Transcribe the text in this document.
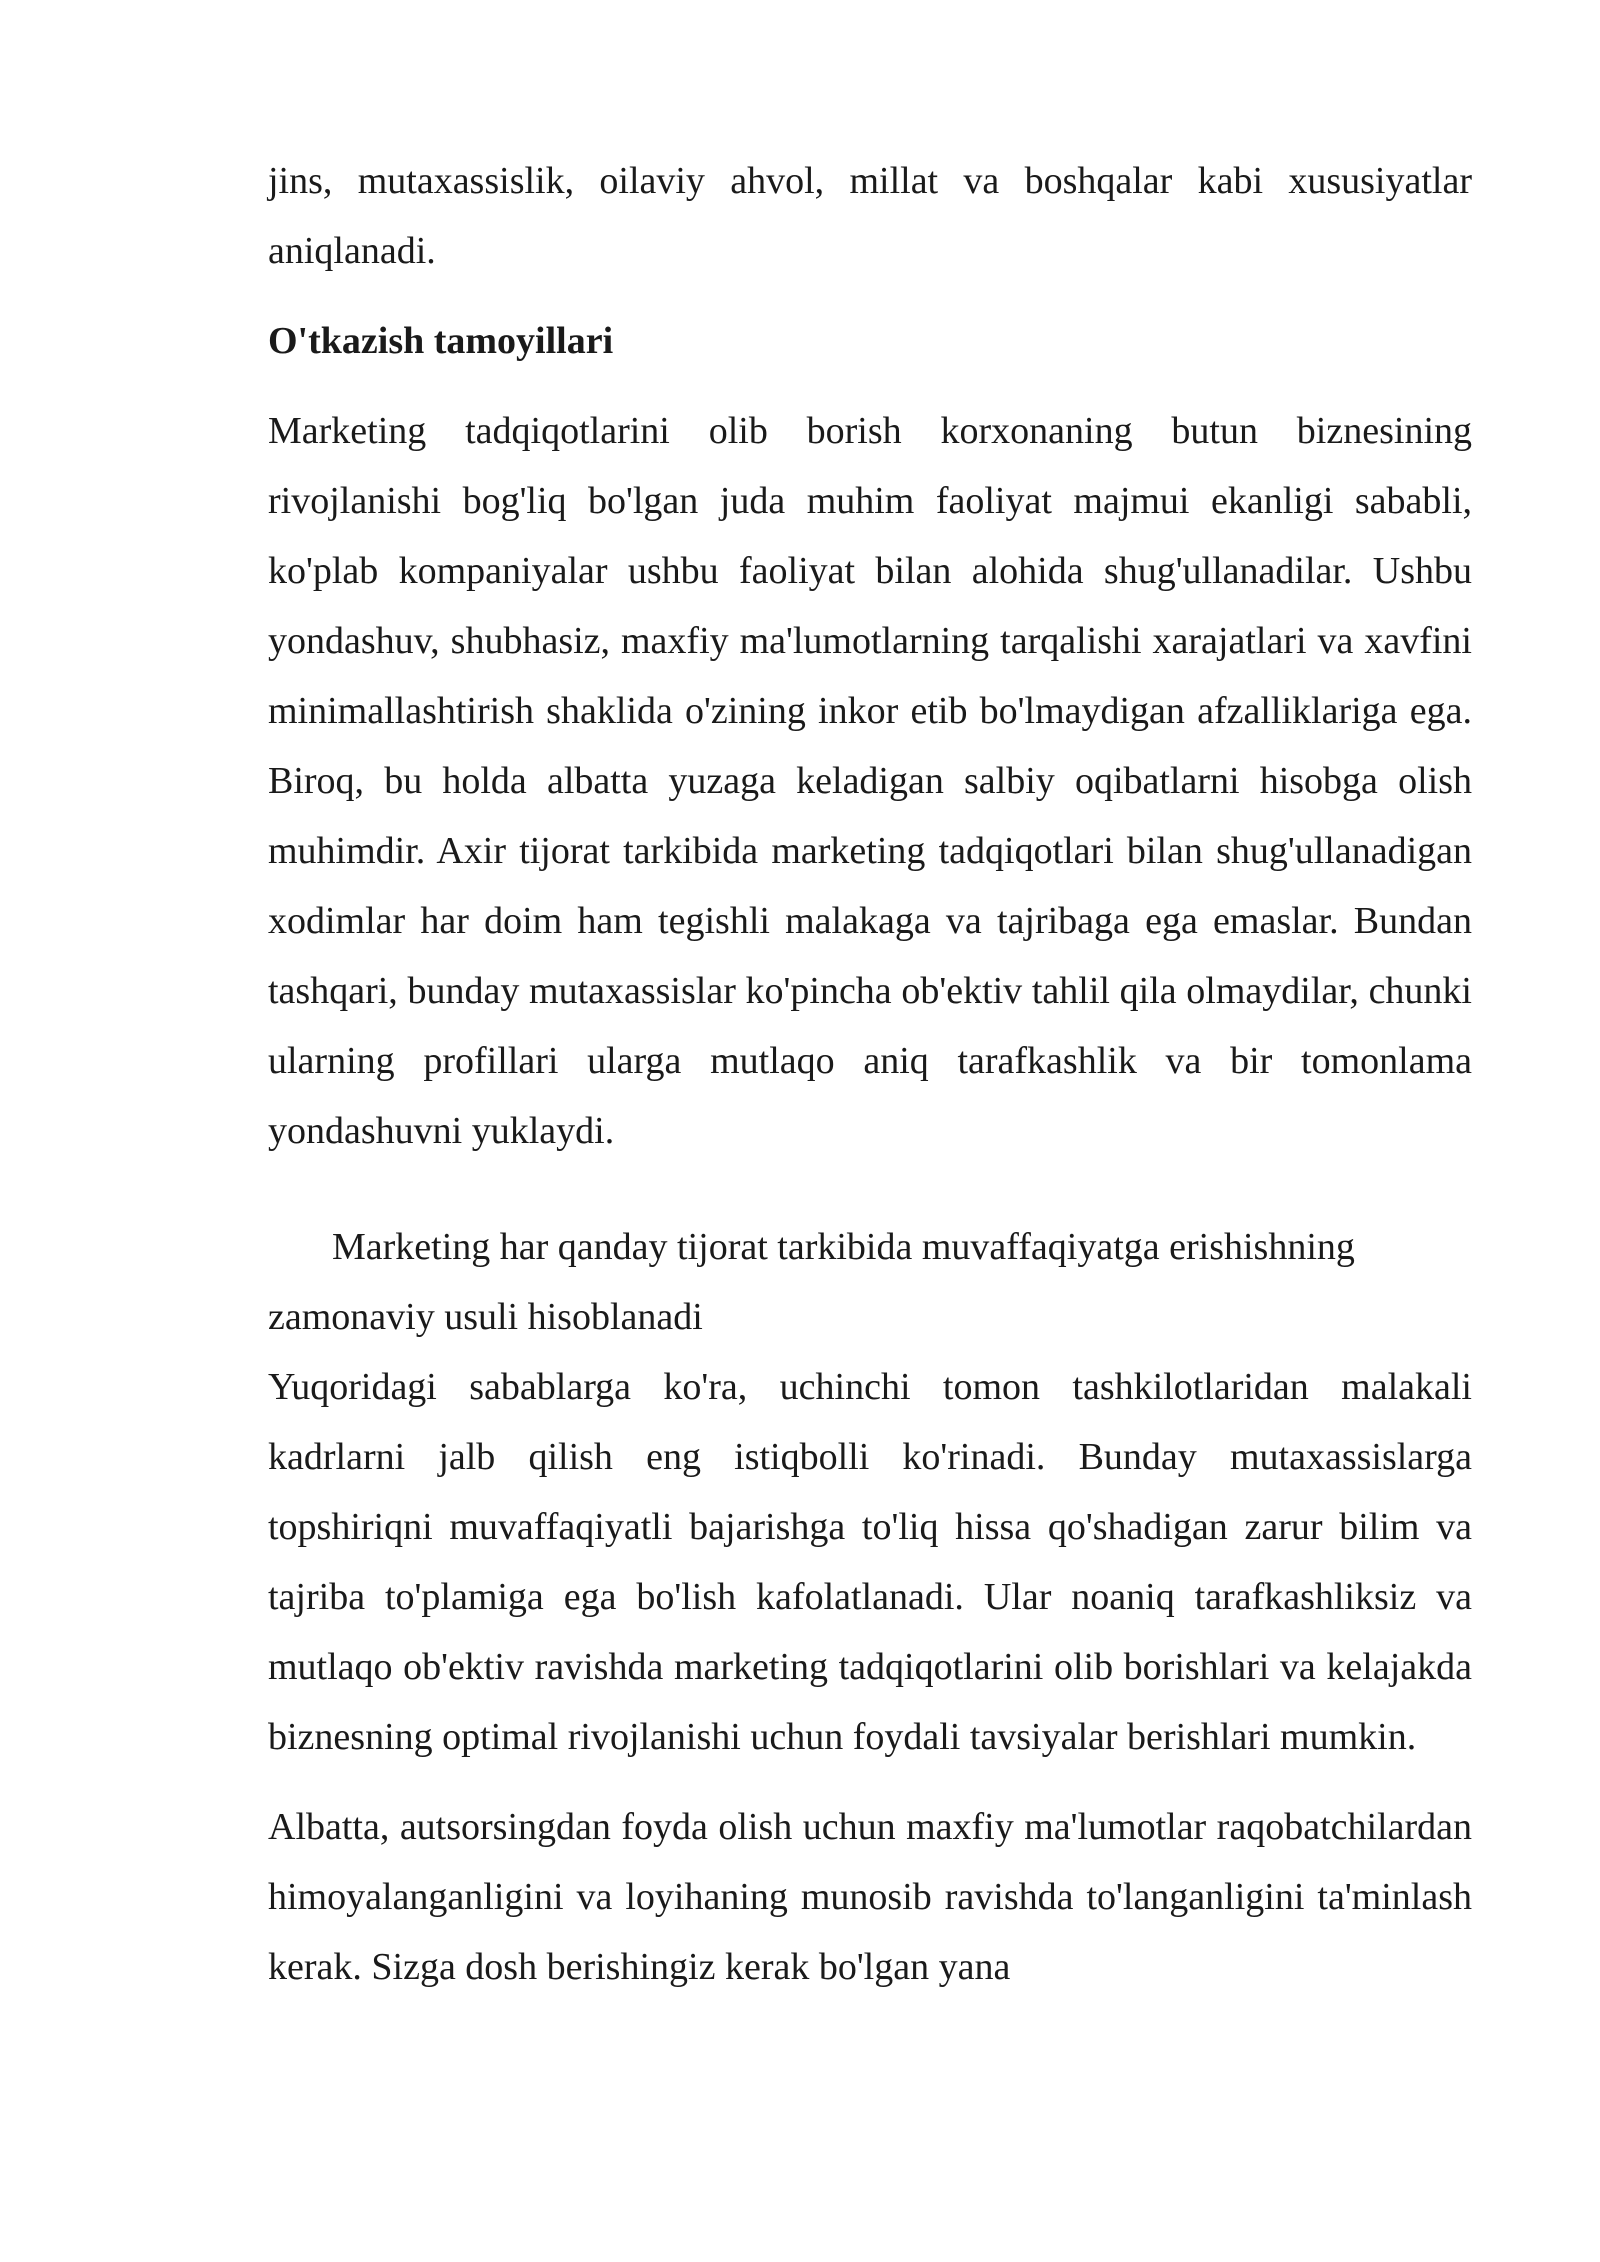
jins, mutaxassislik, oilaviy ahvol, millat va boshqalar kabi xususiyatlar aniqlanadi.

O'tkazish tamoyillari

Marketing tadqiqotlarini olib borish korxonaning butun biznesining rivojlanishi bog'liq bo'lgan juda muhim faoliyat majmui ekanligi sababli, ko'plab kompaniyalar ushbu faoliyat bilan alohida shug'ullanadilar. Ushbu yondashuv, shubhasiz, maxfiy ma'lumotlarning tarqalishi xarajatlari va xavfini minimallashtirish shaklida o'zining inkor etib bo'lmaydigan afzalliklariga ega. Biroq, bu holda albatta yuzaga keladigan salbiy oqibatlarni hisobga olish muhimdir. Axir tijorat tarkibida marketing tadqiqotlari bilan shug'ullanadigan xodimlar har doim ham tegishli malakaga va tajribaga ega emaslar. Bundan tashqari, bunday mutaxassislar ko'pincha ob'ektiv tahlil qila olmaydilar, chunki ularning profillari ularga mutlaqo aniq tarafkashlik va bir tomonlama yondashuvni yuklaydi.

Marketing har qanday tijorat tarkibida muvaffaqiyatga erishishning zamonaviy usuli hisoblanadi

Yuqoridagi sabablarga ko'ra, uchinchi tomon tashkilotlaridan malakali kadrlarni jalb qilish eng istiqbolli ko'rinadi. Bunday mutaxassislarga topshiriqni muvaffaqiyatli bajarishga to'liq hissa qo'shadigan zarur bilim va tajriba to'plamiga ega bo'lish kafolatlanadi. Ular noaniq tarafkashliksiz va mutlaqo ob'ektiv ravishda marketing tadqiqotlarini olib borishlari va kelajakda biznesning optimal rivojlanishi uchun foydali tavsiyalar berishlari mumkin.

Albatta, autsorsingdan foyda olish uchun maxfiy ma'lumotlar raqobatchilardan himoyalanganligini va loyihaning munosib ravishda to'langanligini ta'minlash kerak. Sizga dosh berishingiz kerak bo'lgan yana
